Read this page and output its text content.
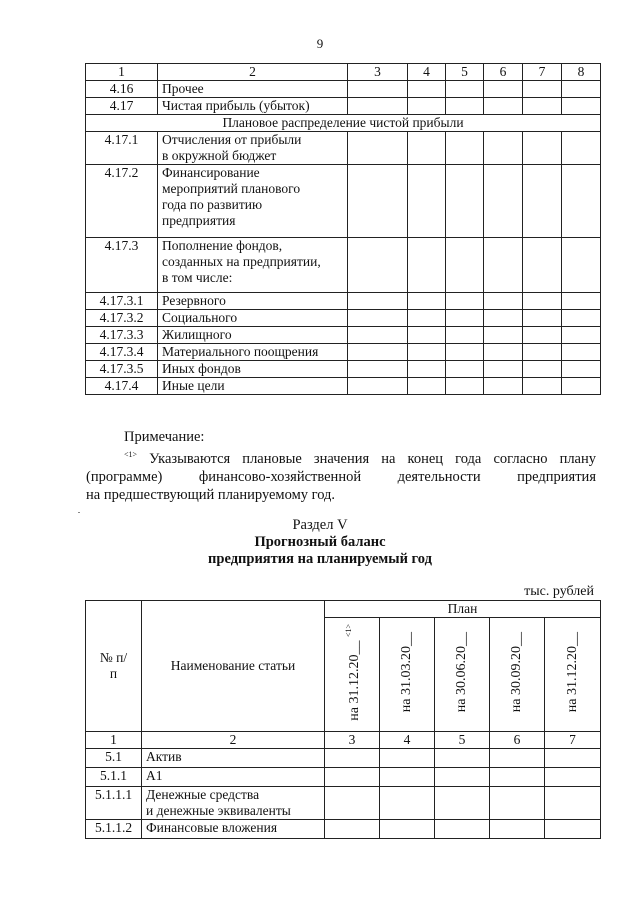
9
1	2	3	4	5	6	7	8
4.16	Прочее						
4.17	Чистая прибыль (убыток)						
Плановое распределение чистой прибыли							
4.17.1	Отчисления от прибыли
в окружной бюджет						
4.17.2	Финансирование
мероприятий планового
года по развитию
предприятия						
4.17.3	Пополнение фондов,
созданных на предприятии,
в том числе:						
4.17.3.1	Резервного						
4.17.3.2	Социального						
4.17.3.3	Жилищного						
4.17.3.4	Материального поощрения						
4.17.3.5	Иных фондов						
4.17.4	Иные цели						
Примечание:
$^{<1>}$ Указываются плановые значения на конец года согласно плану
(программе) финансово-хозяйственной деятельности предприятия
на предшествующий планируемому год.
Раздел V
Прогнозный баланс
предприятия на планируемый год
тыс. рублей
№ п/п	Наименование статьи	План				
		на 31.12.20__ $^{<1>}$	на 31.03.20__	на 30.06.20__	на 30.09.20__	на 31.12.20__
1	2	3	4	5	6	7
5.1	Актив					
5.1.1	А1					
5.1.1.1	Денежные средства
и денежные эквиваленты					
5.1.1.2	Финансовые вложения					
